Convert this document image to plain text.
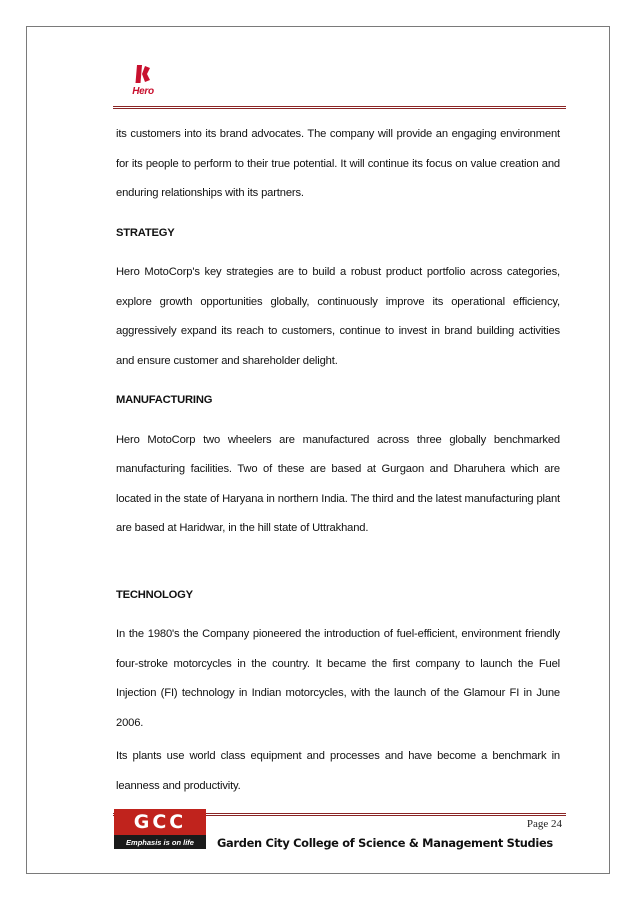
Hero

its customers into its brand advocates. The company will provide an engaging environment for its people to perform to their true potential. It will continue its focus on value creation and enduring relationships with its partners.

STRATEGY

Hero MotoCorp's key strategies are to build a robust product portfolio across categories, explore growth opportunities globally, continuously improve its operational efficiency, aggressively expand its reach to customers, continue to invest in brand building activities and ensure customer and shareholder delight.

MANUFACTURING

Hero MotoCorp two wheelers are manufactured across three globally benchmarked manufacturing facilities. Two of these are based at Gurgaon and Dharuhera which are located in the state of Haryana in northern India. The third and the latest manufacturing plant are based at Haridwar, in the hill state of Uttrakhand.

TECHNOLOGY

In the 1980's the Company pioneered the introduction of fuel-efficient, environment friendly four-stroke motorcycles in the country. It became the first company to launch the Fuel Injection (FI) technology in Indian motorcycles, with the launch of the Glamour FI in June 2006.

Its plants use world class equipment and processes and have become a benchmark in leanness and productivity.

Page 24
GCC
Emphasis is on life	Garden City College of Science & Management Studies
